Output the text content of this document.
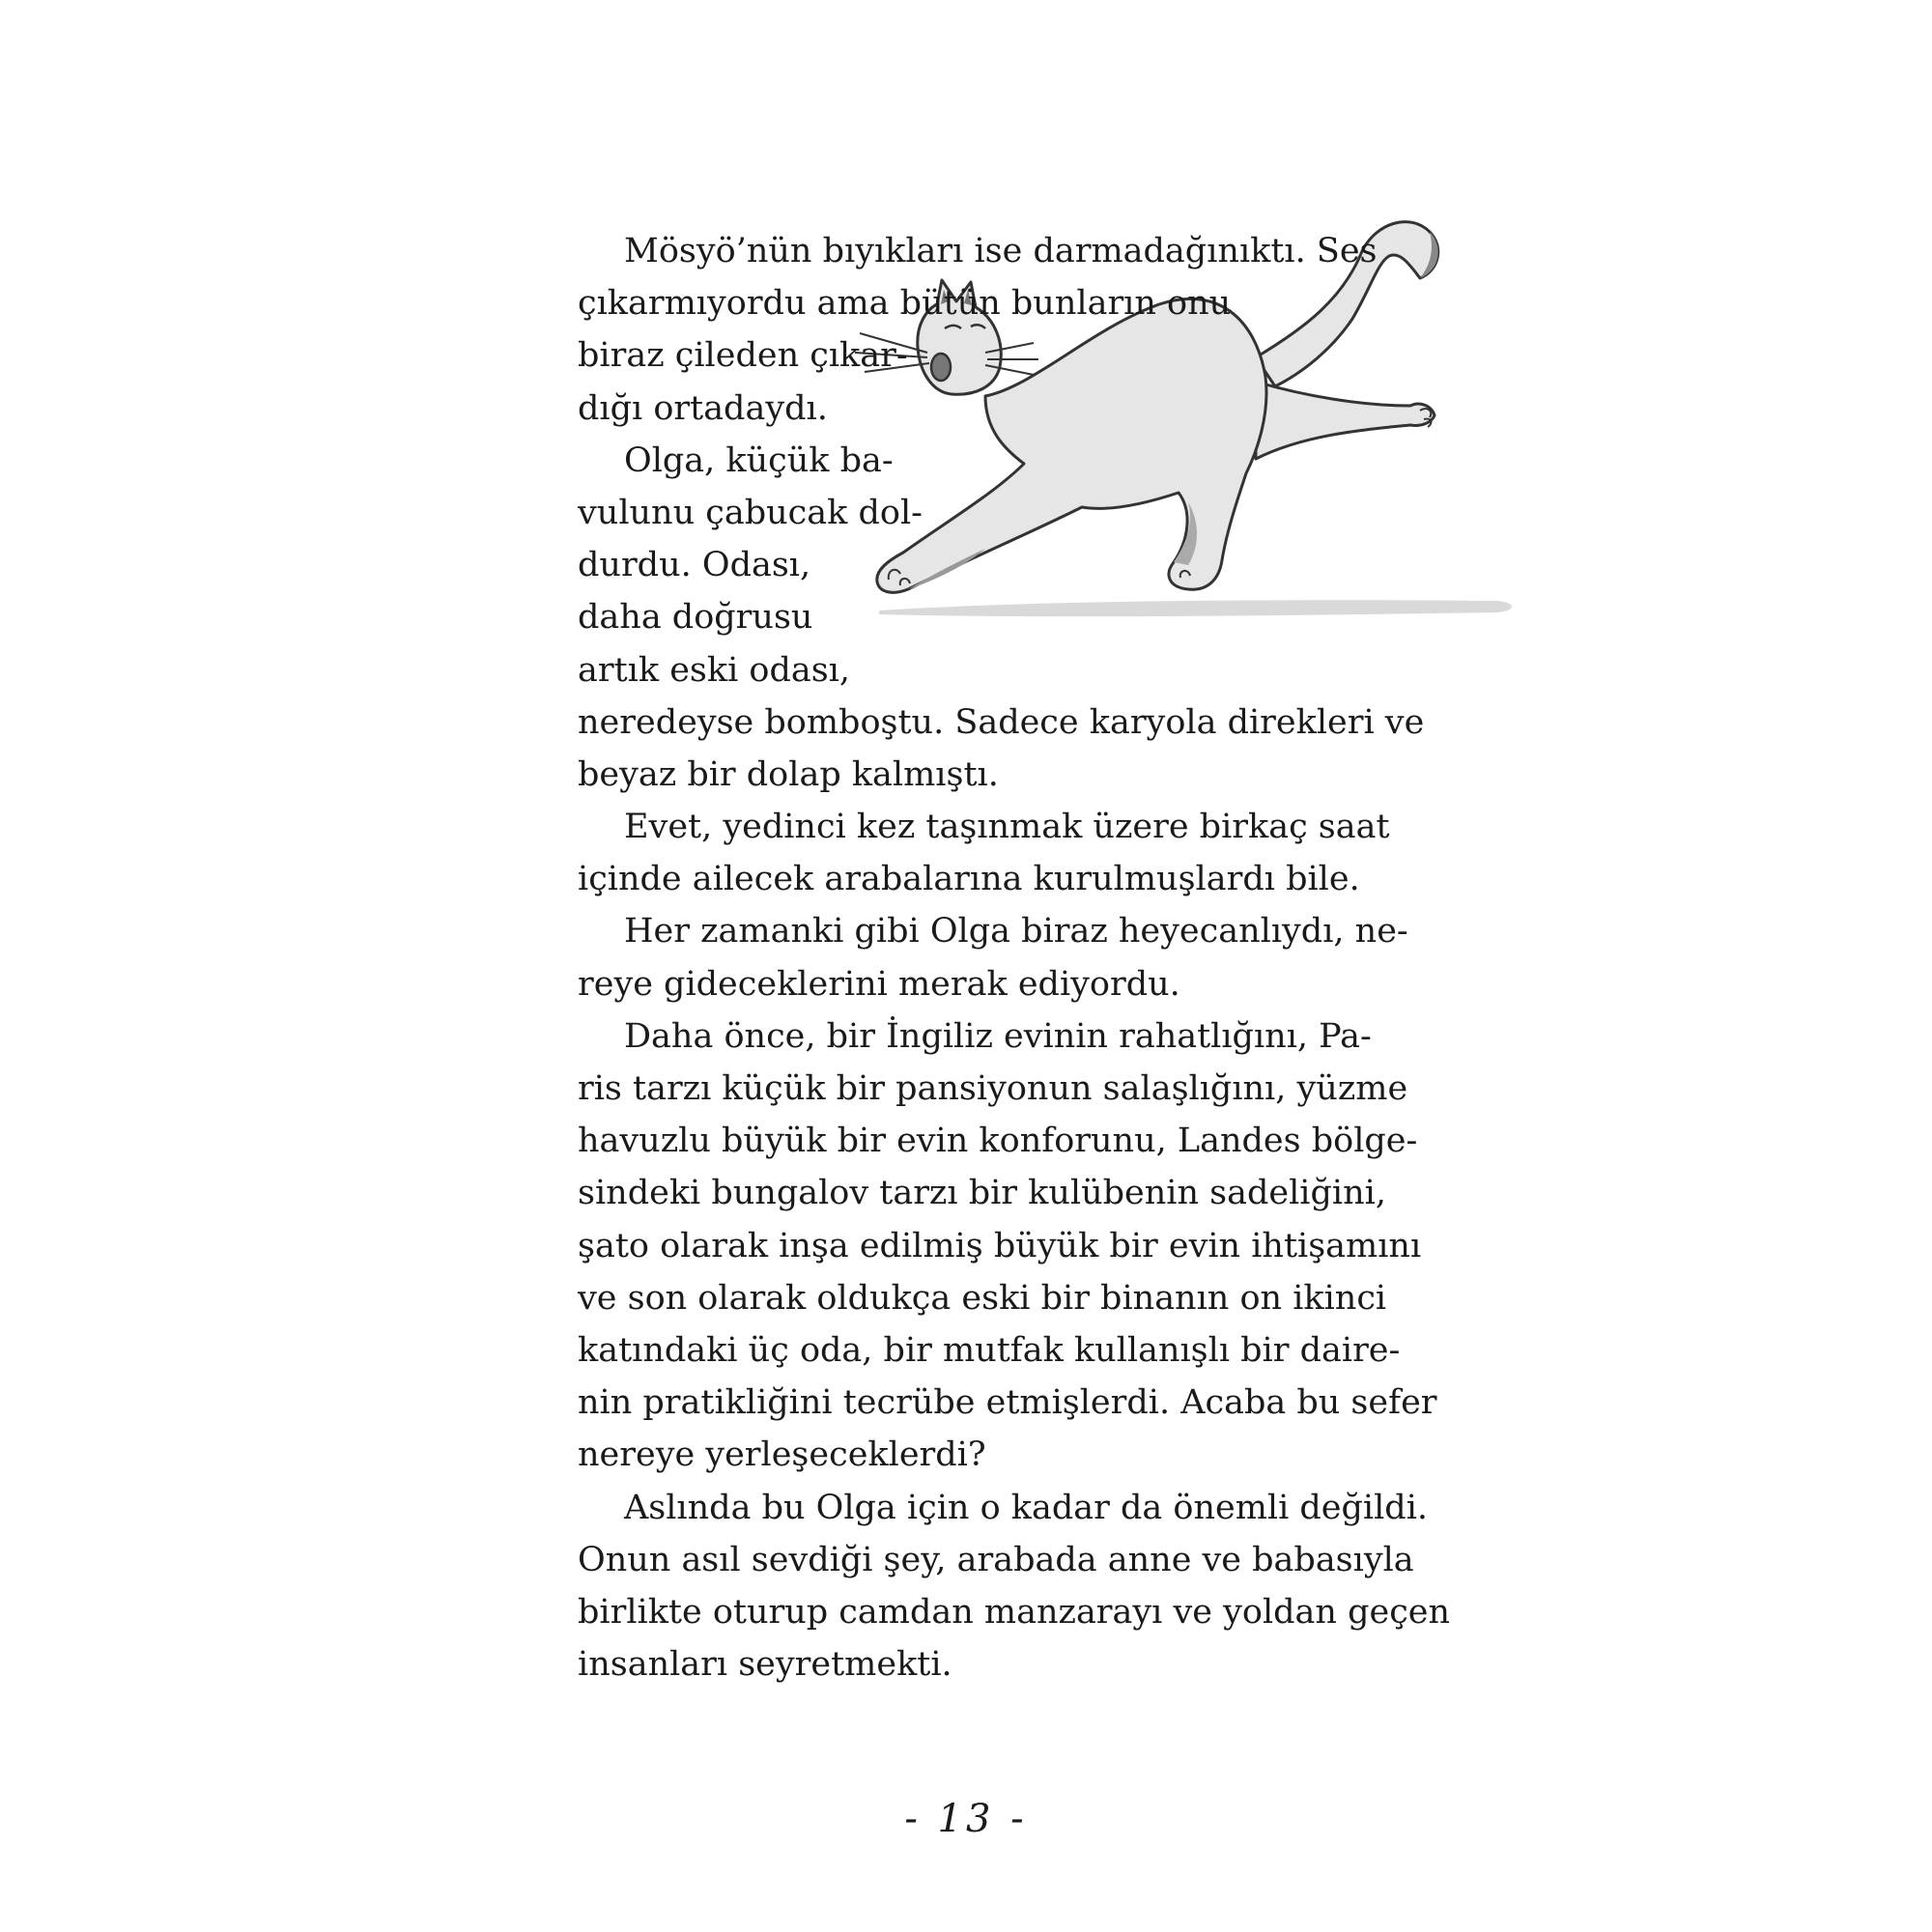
Mösyö’nün bıyıkları ise darmadağınıktı. Ses
çıkarmıyordu ama bütün bunların onu
biraz çileden çıkar-
dığı ortadaydı.
Olga, küçük ba-
vulunu çabucak dol-
durdu. Odası,
daha doğrusu
artık eski odası,
neredeyse bomboştu. Sadece karyola direkleri ve
beyaz bir dolap kalmıştı.
Evet, yedinci kez taşınmak üzere birkaç saat
içinde ailecek arabalarına kurulmuşlardı bile.
Her zamanki gibi Olga biraz heyecanlıydı, ne-
reye gideceklerini merak ediyordu.
Daha önce, bir İngiliz evinin rahatlığını, Pa-
ris tarzı küçük bir pansiyonun salaşlığını, yüzme
havuzlu büyük bir evin konforunu, Landes bölge-
sindeki bungalov tarzı bir kulübenin sadeliğini,
şato olarak inşa edilmiş büyük bir evin ihtişamını
ve son olarak oldukça eski bir binanın on ikinci
katındaki üç oda, bir mutfak kullanışlı bir daire-
nin pratikliğini tecrübe etmişlerdi. Acaba bu sefer
nereye yerleşeceklerdi?
Aslında bu Olga için o kadar da önemli değildi.
Onun asıl sevdiği şey, arabada anne ve babasıyla
birlikte oturup camdan manzarayı ve yoldan geçen
insanları seyretmekti.
- 13 -
